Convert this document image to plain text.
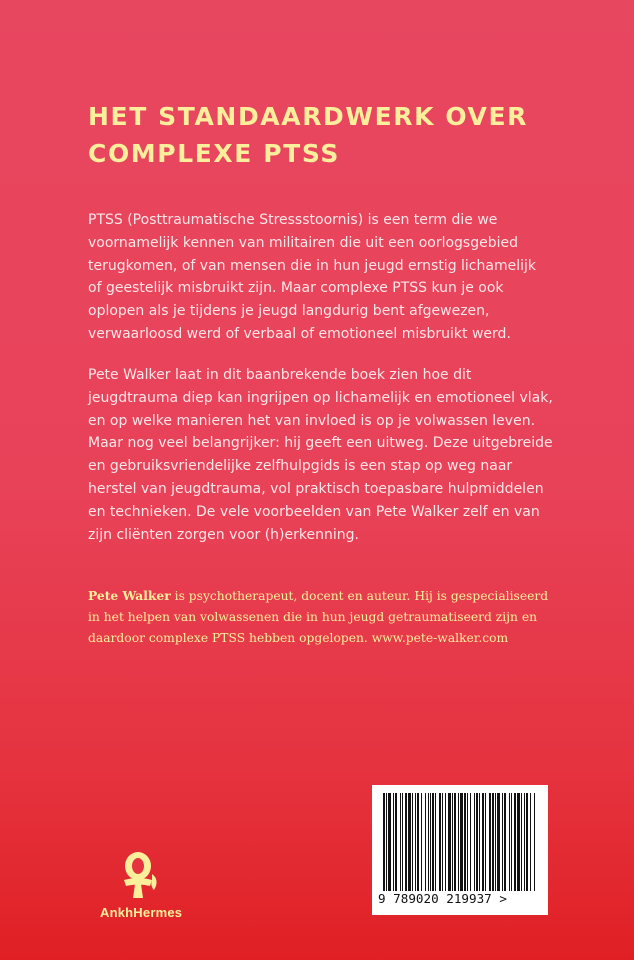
HET STANDAARDWERK OVER
COMPLEXE PTSS
PTSS (Posttraumatische Stressstoornis) is een term die we
voornamelijk kennen van militairen die uit een oorlogsgebied
terugkomen, of van mensen die in hun jeugd ernstig lichamelijk
of geestelijk misbruikt zijn. Maar complexe PTSS kun je ook
oplopen als je tijdens je jeugd langdurig bent afgewezen,
verwaarloosd werd of verbaal of emotioneel misbruikt werd.
Pete Walker laat in dit baanbrekende boek zien hoe dit
jeugdtrauma diep kan ingrijpen op lichamelijk en emotioneel vlak,
en op welke manieren het van invloed is op je volwassen leven.
Maar nog veel belangrijker: hij geeft een uitweg. Deze uitgebreide
en gebruiksvriendelijke zelfhulpgids is een stap op weg naar
herstel van jeugdtrauma, vol praktisch toepasbare hulpmiddelen
en technieken. De vele voorbeelden van Pete Walker zelf en van
zijn cliënten zorgen voor (h)erkenning.
Pete Walker is psychotherapeut, docent en auteur. Hij is gespecialiseerd
in het helpen van volwassenen die in hun jeugd getraumatiseerd zijn en
daardoor complexe PTSS hebben opgelopen. www.pete-walker.com
9 789020 219937 >
AnkhHermes
